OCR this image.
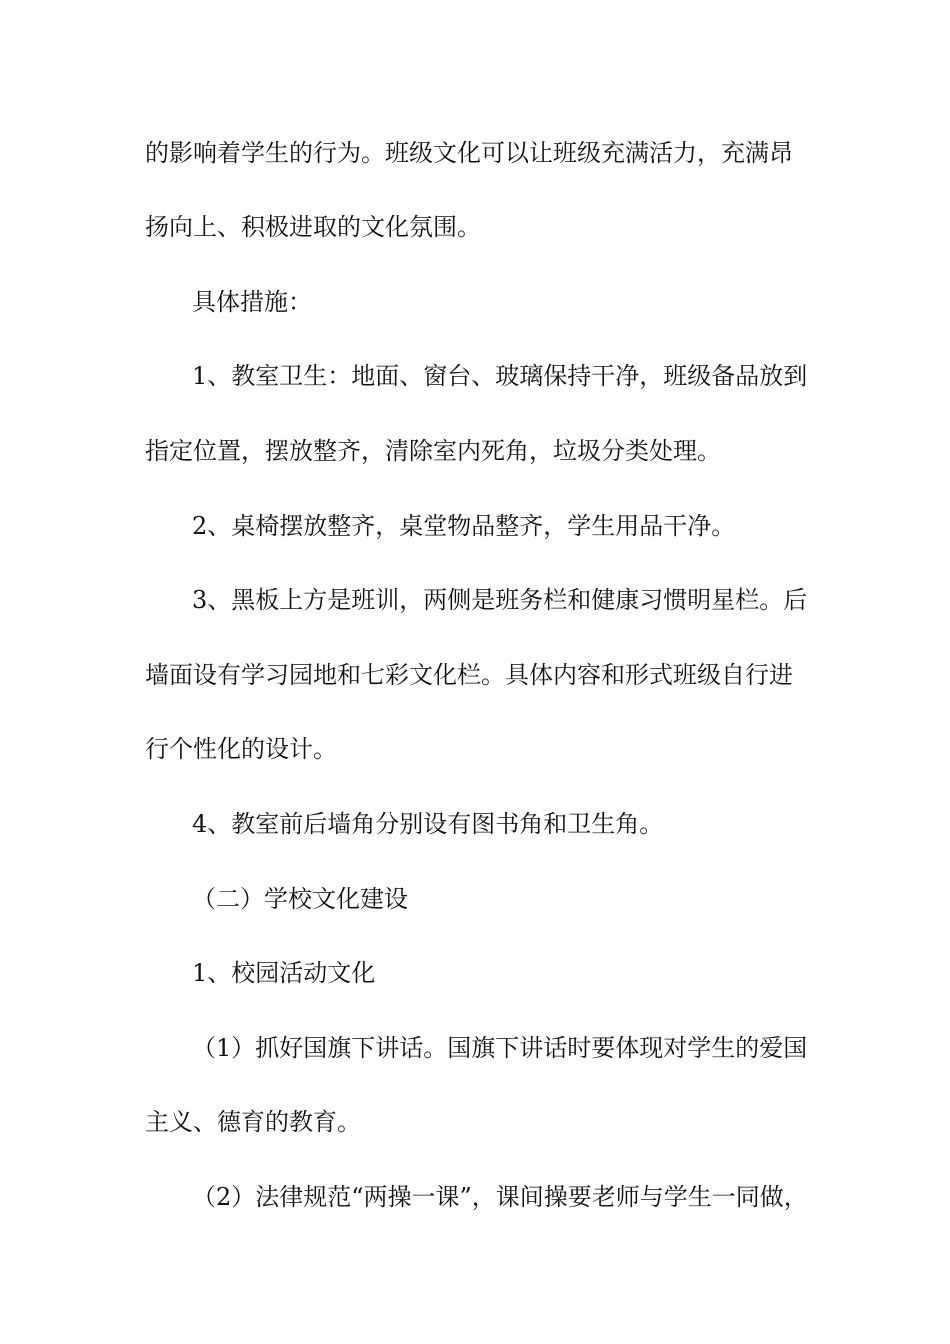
的影响着学生的行为。班级文化可以让班级充满活力，充满昂
扬向上、积极进取的文化氛围。
具体措施：
1、教室卫生：地面、窗台、玻璃保持干净，班级备品放到
指定位置，摆放整齐，清除室内死角，垃圾分类处理。
2、桌椅摆放整齐，桌堂物品整齐，学生用品干净。
3、黑板上方是班训，两侧是班务栏和健康习惯明星栏。后
墙面设有学习园地和七彩文化栏。具体内容和形式班级自行进
行个性化的设计。
4、教室前后墙角分别设有图书角和卫生角。
（二）学校文化建设
1、校园活动文化
（1）抓好国旗下讲话。国旗下讲话时要体现对学生的爱国
主义、德育的教育。
（2）法律规范“两操一课”，课间操要老师与学生一同做，
